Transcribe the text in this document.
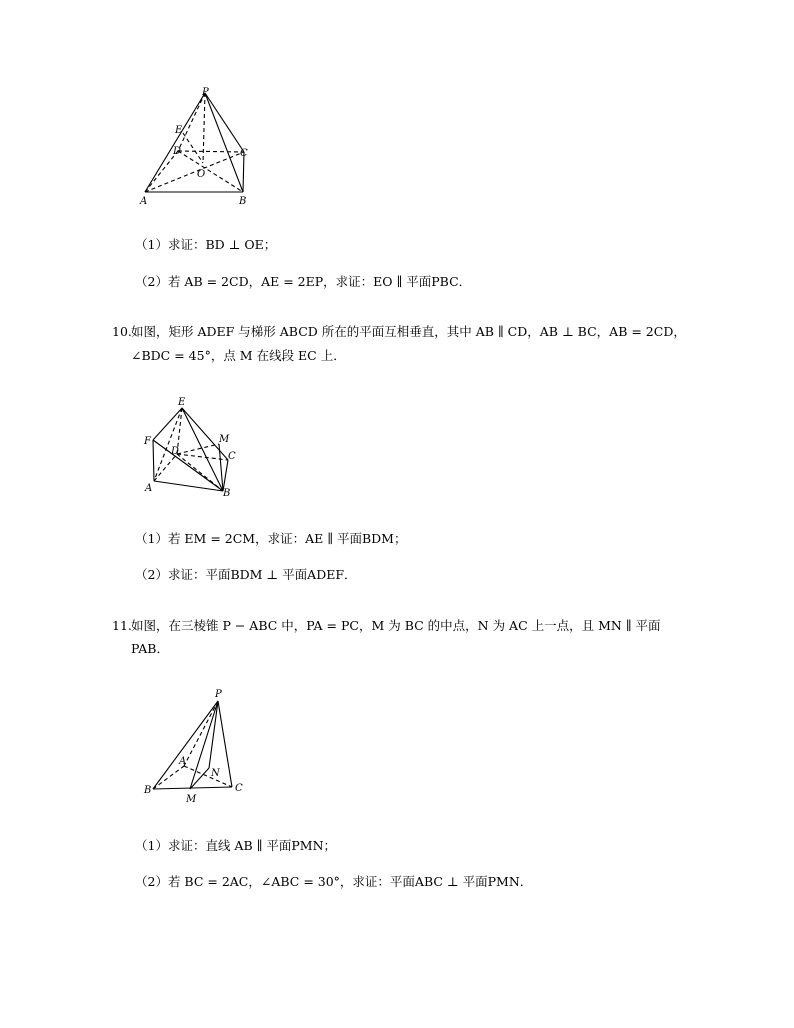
P
E
D	C
O
A	B
（1）求证：BD ⊥ OE；
（2）若 AB = 2CD，AE = 2EP，求证：EO ∥ 平面PBC．
10. 如图，矩形 ADEF 与梯形 ABCD 所在的平面互相垂直，其中 AB ∥ CD，AB ⊥ BC，AB = 2CD，
∠BDC = 45°，点 M 在线段 EC 上．
E
F	M
D	C
A	B
（1）若 EM = 2CM，求证：AE ∥ 平面BDM；
（2）求证：平面BDM ⊥ 平面ADEF．
11. 如图，在三棱锥 P − ABC 中，PA = PC，M 为 BC 的中点，N 为 AC 上一点，且 MN ∥ 平面
PAB．
P
A
N
B
M
C
（1）求证：直线 AB ∥ 平面PMN；
（2）若 BC = 2AC，∠ABC = 30°，求证：平面ABC ⊥ 平面PMN．
